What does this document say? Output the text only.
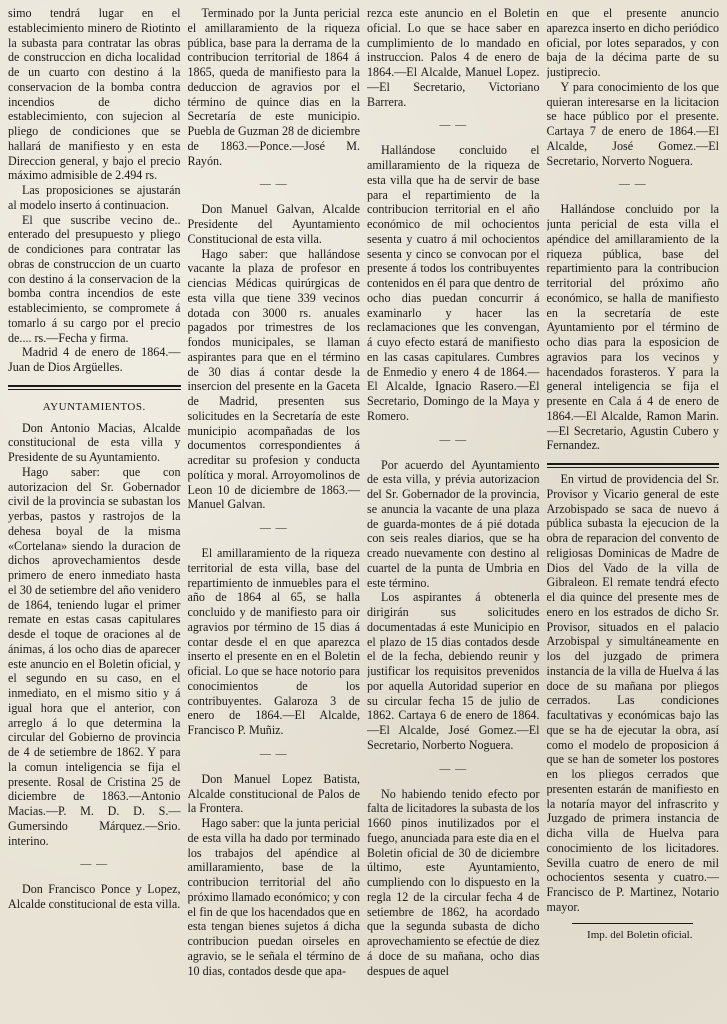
simo tendrá lugar en el establecimiento minero de Riotinto la subasta para contratar las obras de construccion en dicha localidad de un cuarto con destino á la conservacion de la bomba contra incendios de dicho establecimiento, con sujecion al pliego de condiciones que se hallará de manifiesto y en esta Direccion general, y bajo el precio máximo admisible de 2.494 rs.

Las proposiciones se ajustarán al modelo inserto á continuacion.

El que suscribe vecino de.. enterado del presupuesto y pliego de condiciones para contratar las obras de construccion de un cuarto con destino á la conservacion de la bomba contra incendios de este establecimiento, se compromete á tomarlo á su cargo por el precio de.... rs.—Fecha y firma.

Madrid 4 de enero de 1864.—Juan de Dios Argüelles.

AYUNTAMIENTOS.

Don Antonio Macias, Alcalde constitucional de esta villa y Presidente de su Ayuntamiento.

Hago saber: que con autorizacion del Sr. Gobernador civil de la provincia se subastan los yerbas, pastos y rastrojos de la dehesa boyal de la misma «Cortelana» siendo la duracion de dichos aprovechamientos desde primero de enero inmediato hasta el 30 de setiembre del año venidero de 1864, teniendo lugar el primer remate en estas casas capitulares desde el toque de oraciones al de ánimas, á los ocho dias de aparecer este anuncio en el Boletin oficial, y el segundo en su caso, en el inmediato, en el mismo sitio y á igual hora que el anterior, con arreglo á lo que determina la circular del Gobierno de provincia de 4 de setiembre de 1862. Y para la comun inteligencia se fija el presente. Rosal de Cristina 25 de diciembre de 1863.—Antonio Macias.—P. M. D. D. S.—Gumersindo Márquez.—Srio. interino.

— —

Don Francisco Ponce y Lopez, Alcalde constitucional de esta villa.

Terminado por la Junta pericial el amillaramiento de la riqueza pública, base para la derrama de la contribucion territorial de 1864 á 1865, queda de manifiesto para la deduccion de agravios por el término de quince dias en la Secretaría de este municipio. Puebla de Guzman 28 de diciembre de 1863.—Ponce.—José M. Rayón.

— —

Don Manuel Galvan, Alcalde Presidente del Ayuntamiento Constitucional de esta villa.

Hago saber: que hallándose vacante la plaza de profesor en ciencias Médicas quirúrgicas de esta villa que tiene 339 vecinos dotada con 3000 rs. anuales pagados por trimestres de los fondos municipales, se llaman aspirantes para que en el término de 30 dias á contar desde la insercion del presente en la Gaceta de Madrid, presenten sus solicitudes en la Secretaría de este municipio acompañadas de los documentos correspondientes á acreditar su profesion y conducta política y moral. Arroyomolinos de Leon 10 de diciembre de 1863.—Manuel Galvan.

— —

El amillaramiento de la riqueza territorial de esta villa, base del repartimiento de inmuebles para el año de 1864 al 65, se halla concluido y de manifiesto para oir agravios por término de 15 dias á contar desde el en que aparezca inserto el presente en en el Boletin oficial. Lo que se hace notorio para conocimientos de los contribuyentes. Galaroza 3 de enero de 1864.—El Alcalde, Francisco P. Muñiz.

— —

Don Manuel Lopez Batista, Alcalde constitucional de Palos de la Frontera.

Hago saber: que la junta pericial de esta villa ha dado por terminado los trabajos del apéndice al amillaramiento, base de la contribucion territorial del año próximo llamado económico; y con el fin de que los hacendados que en esta tengan bienes sujetos á dicha contribucion puedan oirseles en agravio, se le señala el término de 10 dias, contados desde que apa-

rezca este anuncio en el Boletin oficial. Lo que se hace saber en cumplimiento de lo mandado en instruccion. Palos 4 de enero de 1864.—El Alcalde, Manuel Lopez.—El Secretario, Victoriano Barrera.

— —

Hallándose concluido el amillaramiento de la riqueza de esta villa que ha de servir de base para el repartimiento de la contribucion territorial en el año económico de mil ochocientos sesenta y cuatro á mil ochocientos sesenta y cinco se convocan por el presente á todos los contribuyentes contenidos en él para que dentro de ocho dias puedan concurrir á examinarlo y hacer las reclamaciones que les convengan, á cuyo efecto estará de manifiesto en las casas capitulares. Cumbres de Enmedio y enero 4 de 1864.—El Alcalde, Ignacio Rasero.—El Secretario, Domingo de la Maya y Romero.

— —

Por acuerdo del Ayuntamiento de esta villa, y prévia autorizacion del Sr. Gobernador de la provincia, se anuncia la vacante de una plaza de guarda-montes de á pié dotada con seis reales diarios, que se ha creado nuevamente con destino al cuartel de la punta de Umbria en este término.

Los aspirantes á obtenerla dirigirán sus solicitudes documentadas á este Municipio en el plazo de 15 dias contados desde el de la fecha, debiendo reunir y justificar los requisitos prevenidos por aquella Autoridad superior en su circular fecha 15 de julio de 1862. Cartaya 6 de enero de 1864.—El Alcalde, José Gomez.—El Secretario, Norberto Noguera.

— —

No habiendo tenido efecto por falta de licitadores la subasta de los 1660 pinos inutilizados por el fuego, anunciada para este dia en el Boletin oficial de 30 de diciembre último, este Ayuntamiento, cumpliendo con lo dispuesto en la regla 12 de la circular fecha 4 de setiembre de 1862, ha acordado que la segunda subasta de dicho aprovechamiento se efectúe de diez á doce de su mañana, ocho dias despues de aquel

en que el presente anuncio aparezca inserto en dicho periódico oficial, por lotes separados, y con baja de la décima parte de su justiprecio.

Y para conocimiento de los que quieran interesarse en la licitacion se hace público por el presente. Cartaya 7 de enero de 1864.—El Alcalde, José Gomez.—El Secretario, Norverto Noguera.

— —

Hallándose concluido por la junta pericial de esta villa el apéndice del amillaramiento de la riqueza pública, base del repartimiento para la contribucion territorial del próximo año económico, se halla de manifiesto en la secretaría de este Ayuntamiento por el término de ocho dias para la esposicion de agravios para los vecinos y hacendados forasteros. Y para la general inteligencia se fija el presente en Cala á 4 de enero de 1864.—El Alcalde, Ramon Marin.—El Secretario, Agustin Cubero y Fernandez.

En virtud de providencia del Sr. Provisor y Vicario general de este Arzobispado se saca de nuevo á pública subasta la ejecucion de la obra de reparacion del convento de religiosas Dominicas de Madre de Dios del Vado de la villa de Gibraleon. El remate tendrá efecto el dia quince del presente mes de enero en los estrados de dicho Sr. Provisor, situados en el palacio Arzobispal y simultáneamente en los del juzgado de primera instancia de la villa de Huelva á las doce de su mañana por pliegos cerrados. Las condiciones facultativas y económicas bajo las que se ha de ejecutar la obra, así como el modelo de proposicion á que se han de someter los postores en los pliegos cerrados que presenten estarán de manifiesto en la notaría mayor del infrascrito y Juzgado de primera instancia de dicha villa de Huelva para conocimiento de los licitadores. Sevilla cuatro de enero de mil ochocientos sesenta y cuatro.—Francisco de P. Martinez, Notario mayor.

Imp. del Boletin oficial.
